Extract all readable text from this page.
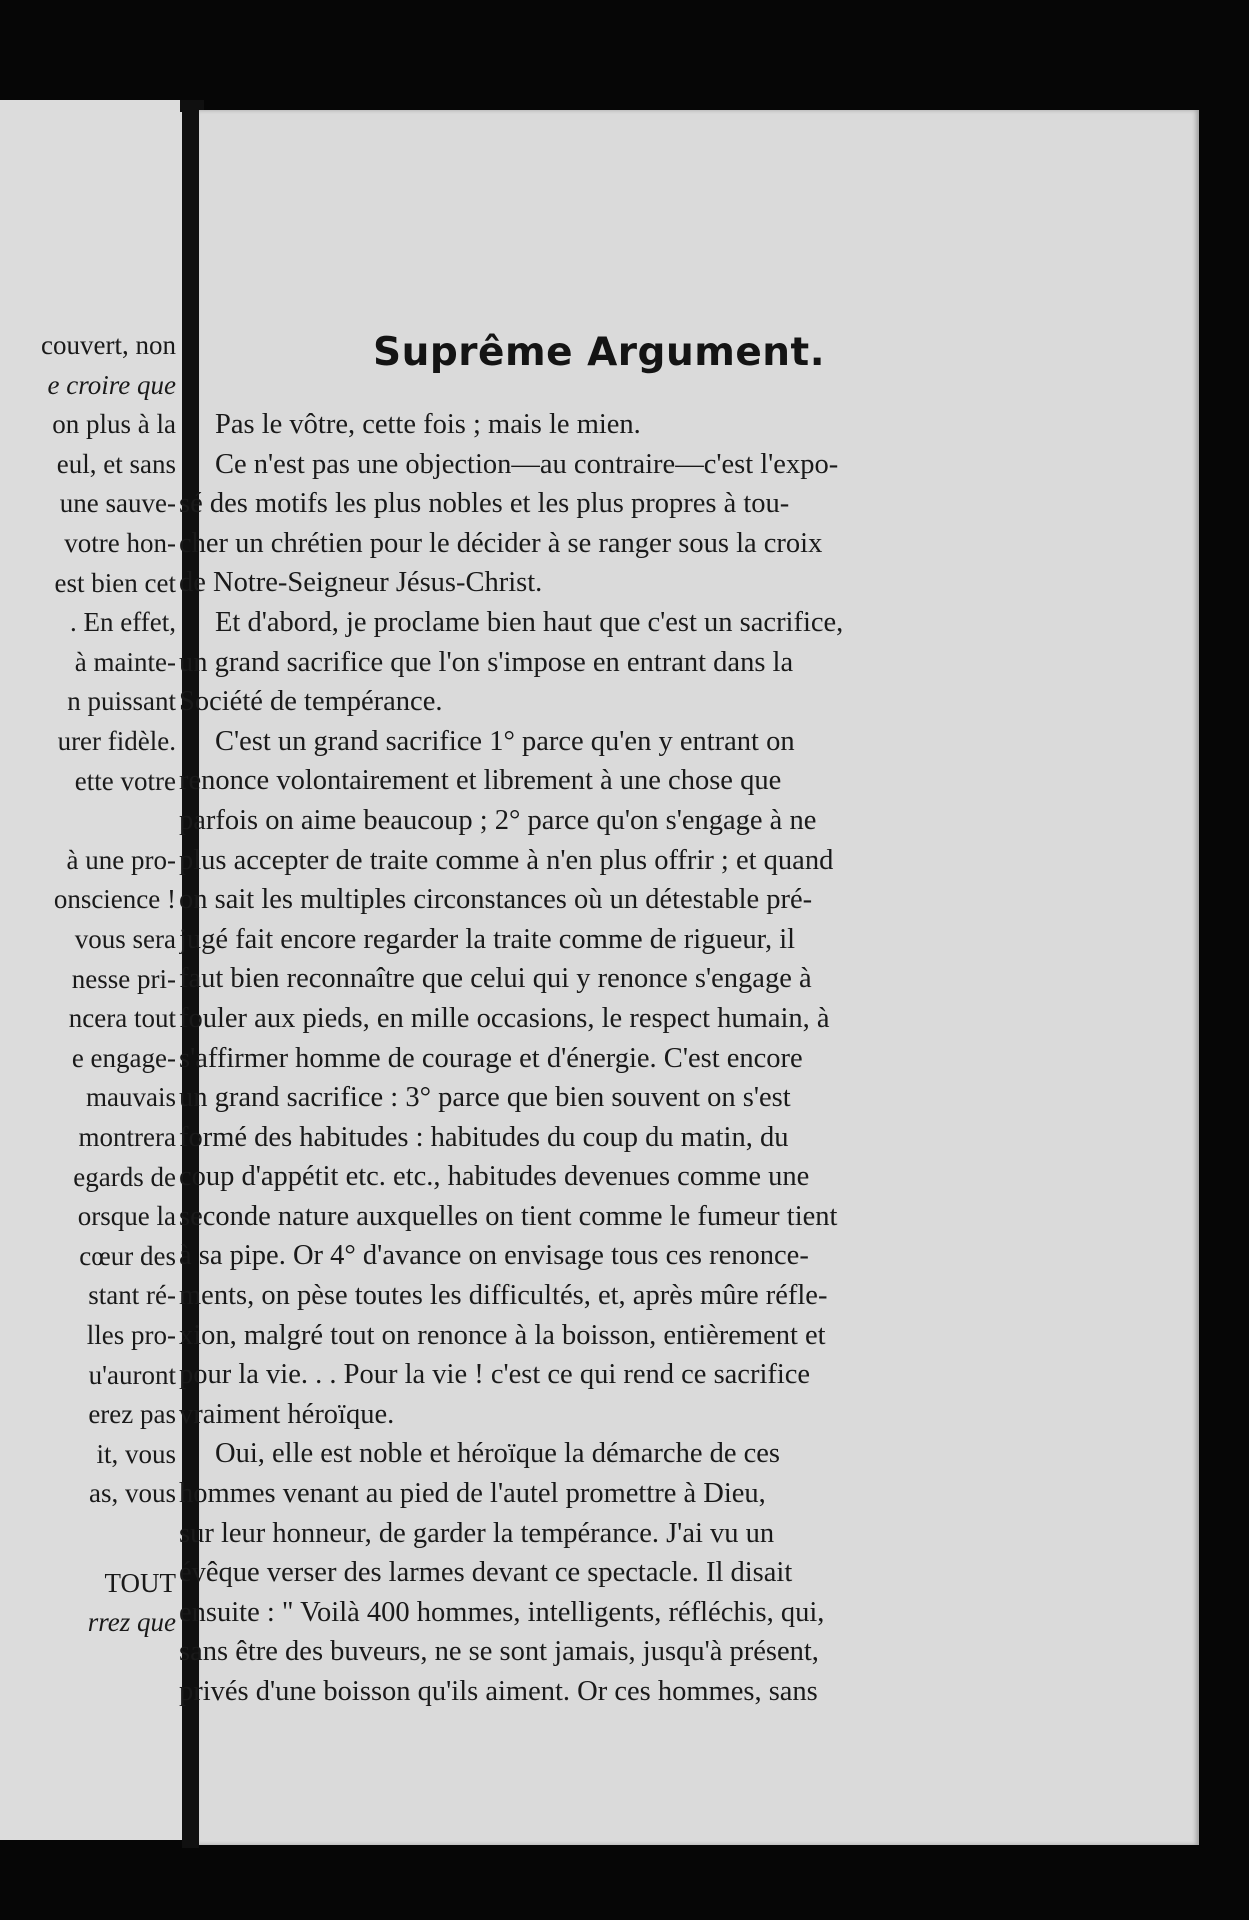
couvert, non
e croire que
on plus à la
eul, et sans
une sauve-
votre hon-
est bien cet
. En effet,
à mainte-
n puissant
urer fidèle.
ette votre
à une pro-
onscience !
vous sera
nesse pri-
ncera tout
e engage-
mauvais
montrera
egards de
orsque la
cœur des
stant ré-
lles pro-
u'auront
erez pas
it, vous
as, vous
TOUT
rrez que
Suprême Argument.
Pas le vôtre, cette fois ; mais le mien.
Ce n'est pas une objection—au contraire—c'est l'expo-
sé des motifs les plus nobles et les plus propres à tou-
cher un chrétien pour le décider à se ranger sous la croix
de Notre-Seigneur Jésus-Christ.
Et d'abord, je proclame bien haut que c'est un sacrifice,
un grand sacrifice que l'on s'impose en entrant dans la
Société de tempérance.
C'est un grand sacrifice 1° parce qu'en y entrant on
renonce volontairement et librement à une chose que
parfois on aime beaucoup ; 2° parce qu'on s'engage à ne
plus accepter de traite comme à n'en plus offrir ; et quand
on sait les multiples circonstances où un détestable pré-
jugé fait encore regarder la traite comme de rigueur, il
faut bien reconnaître que celui qui y renonce s'engage à
fouler aux pieds, en mille occasions, le respect humain, à
s'affirmer homme de courage et d'énergie. C'est encore
un grand sacrifice : 3° parce que bien souvent on s'est
formé des habitudes : habitudes du coup du matin, du
coup d'appétit etc. etc., habitudes devenues comme une
seconde nature auxquelles on tient comme le fumeur tient
à sa pipe. Or 4° d'avance on envisage tous ces renonce-
ments, on pèse toutes les difficultés, et, après mûre réfle-
xion, malgré tout on renonce à la boisson, entièrement et
pour la vie. . . Pour la vie ! c'est ce qui rend ce sacrifice
vraiment héroïque.
Oui, elle est noble et héroïque la démarche de ces
hommes venant au pied de l'autel promettre à Dieu,
sur leur honneur, de garder la tempérance. J'ai vu un
évêque verser des larmes devant ce spectacle. Il disait
ensuite : " Voilà 400 hommes, intelligents, réfléchis, qui,
sans être des buveurs, ne se sont jamais, jusqu'à présent,
privés d'une boisson qu'ils aiment. Or ces hommes, sans
